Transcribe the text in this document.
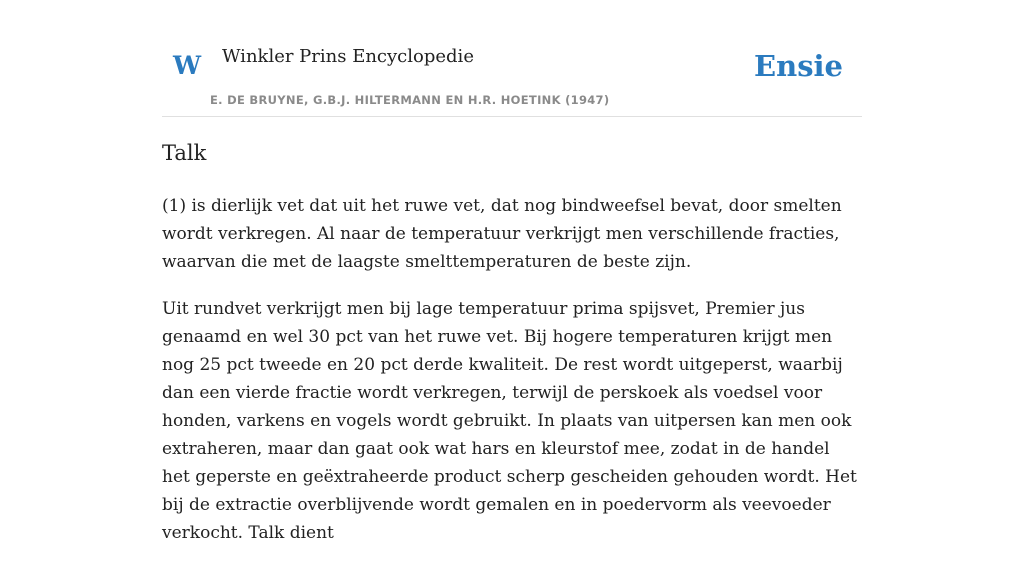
W Winkler Prins Encyclopedie	Ensie
E. DE BRUYNE, G.B.J. HILTERMANN EN H.R. HOETINK (1947)
Talk

(1) is dierlijk vet dat uit het ruwe vet, dat nog bindweefsel bevat, door smelten wordt verkregen. Al naar de temperatuur verkrijgt men verschillende fracties, waarvan die met de laagste smelttemperaturen de beste zijn.

Uit rundvet verkrijgt men bij lage temperatuur prima spijsvet, Premier jus genaamd en wel 30 pct van het ruwe vet. Bij hogere temperaturen krijgt men nog 25 pct tweede en 20 pct derde kwaliteit. De rest wordt uitgeperst, waarbij dan een vierde fractie wordt verkregen, terwijl de perskoek als voedsel voor honden, varkens en vogels wordt gebruikt. In plaats van uitpersen kan men ook extraheren, maar dan gaat ook wat hars en kleurstof mee, zodat in de handel het geperste en geëxtraheerde product scherp gescheiden gehouden wordt. Het bij de extractie overblijvende wordt gemalen en in poedervorm als veevoeder verkocht. Talk dient
